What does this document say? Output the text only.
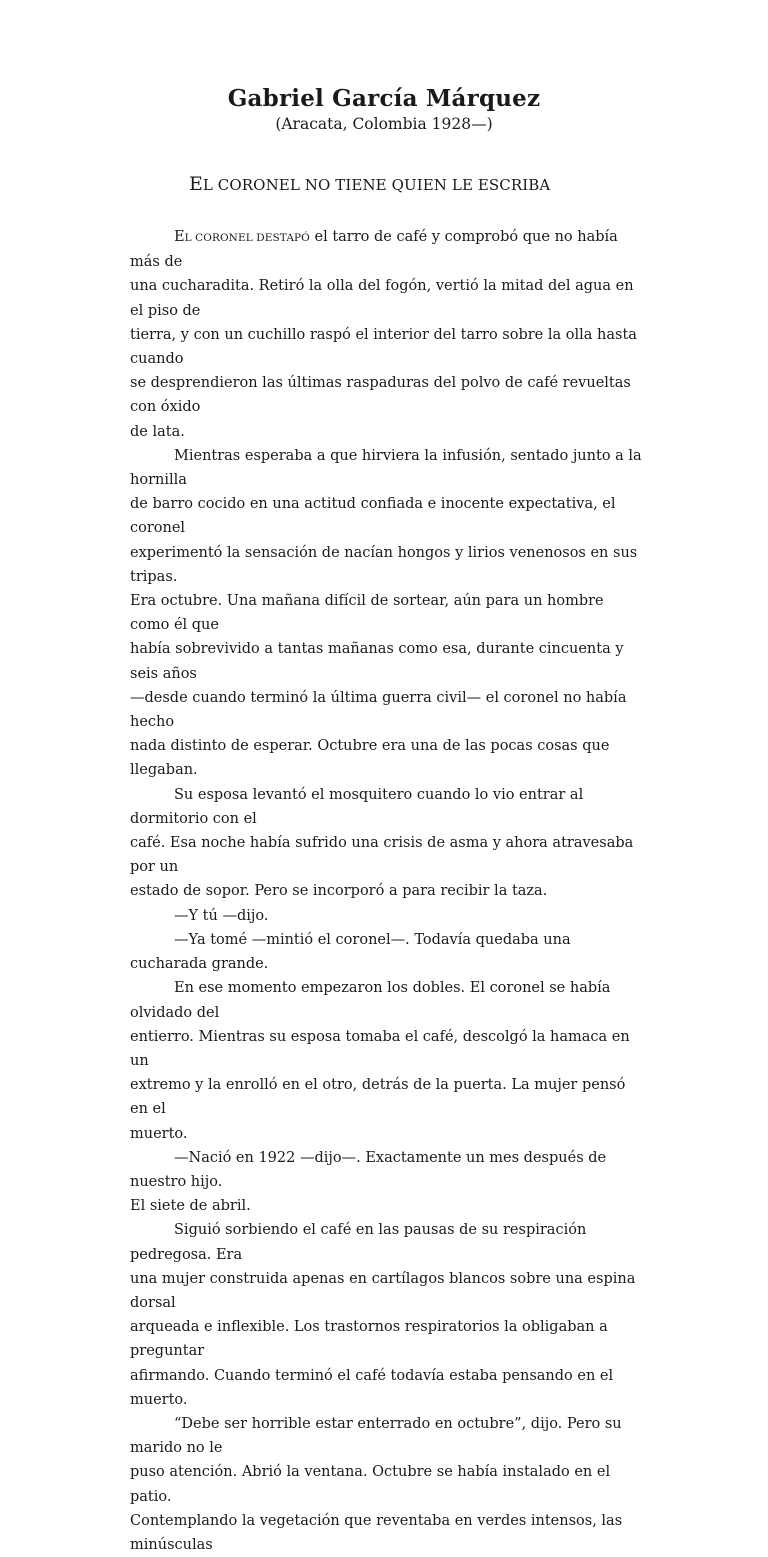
Gabriel García Márquez
(Aracata, Colombia 1928—)
EL CORONEL NO TIENE QUIEN LE ESCRIBA

EL CORONEL DESTAPÓ el tarro de café y comprobó que no había más de
una cucharadita. Retiró la olla del fogón, vertió la mitad del agua en el piso de
tierra, y con un cuchillo raspó el interior del tarro sobre la olla hasta cuando
se desprendieron las últimas raspaduras del polvo de café revueltas con óxido
de lata.

Mientras esperaba a que hirviera la infusión, sentado junto a la hornilla
de barro cocido en una actitud confiada e inocente expectativa, el coronel
experimentó la sensación de nacían hongos y lirios venenosos en sus tripas.
Era octubre. Una mañana difícil de sortear, aún para un hombre como él que
había sobrevivido a tantas mañanas como esa, durante cincuenta y seis años
—desde cuando terminó la última guerra civil— el coronel no había hecho
nada distinto de esperar. Octubre era una de las pocas cosas que llegaban.

Su esposa levantó el mosquitero cuando lo vio entrar al dormitorio con el
café. Esa noche había sufrido una crisis de asma y ahora atravesaba por un
estado de sopor. Pero se incorporó a para recibir la taza.

—Y tú —dijo.

—Ya tomé —mintió el coronel—. Todavía quedaba una cucharada grande.

En ese momento empezaron los dobles. El coronel se había olvidado del
entierro. Mientras su esposa tomaba el café, descolgó la hamaca en un
extremo y la enrolló en el otro, detrás de la puerta. La mujer pensó en el
muerto.

—Nació en 1922 —dijo—. Exactamente un mes después de nuestro hijo.
El siete de abril.

Siguió sorbiendo el café en las pausas de su respiración pedregosa. Era
una mujer construida apenas en cartílagos blancos sobre una espina dorsal
arqueada e inflexible. Los trastornos respiratorios la obligaban a preguntar
afirmando. Cuando terminó el café todavía estaba pensando en el muerto.

“Debe ser horrible estar enterrado en octubre”, dijo. Pero su marido no le
puso atención. Abrió la ventana. Octubre se había instalado en el patio.
Contemplando la vegetación que reventaba en verdes intensos, las minúsculas
